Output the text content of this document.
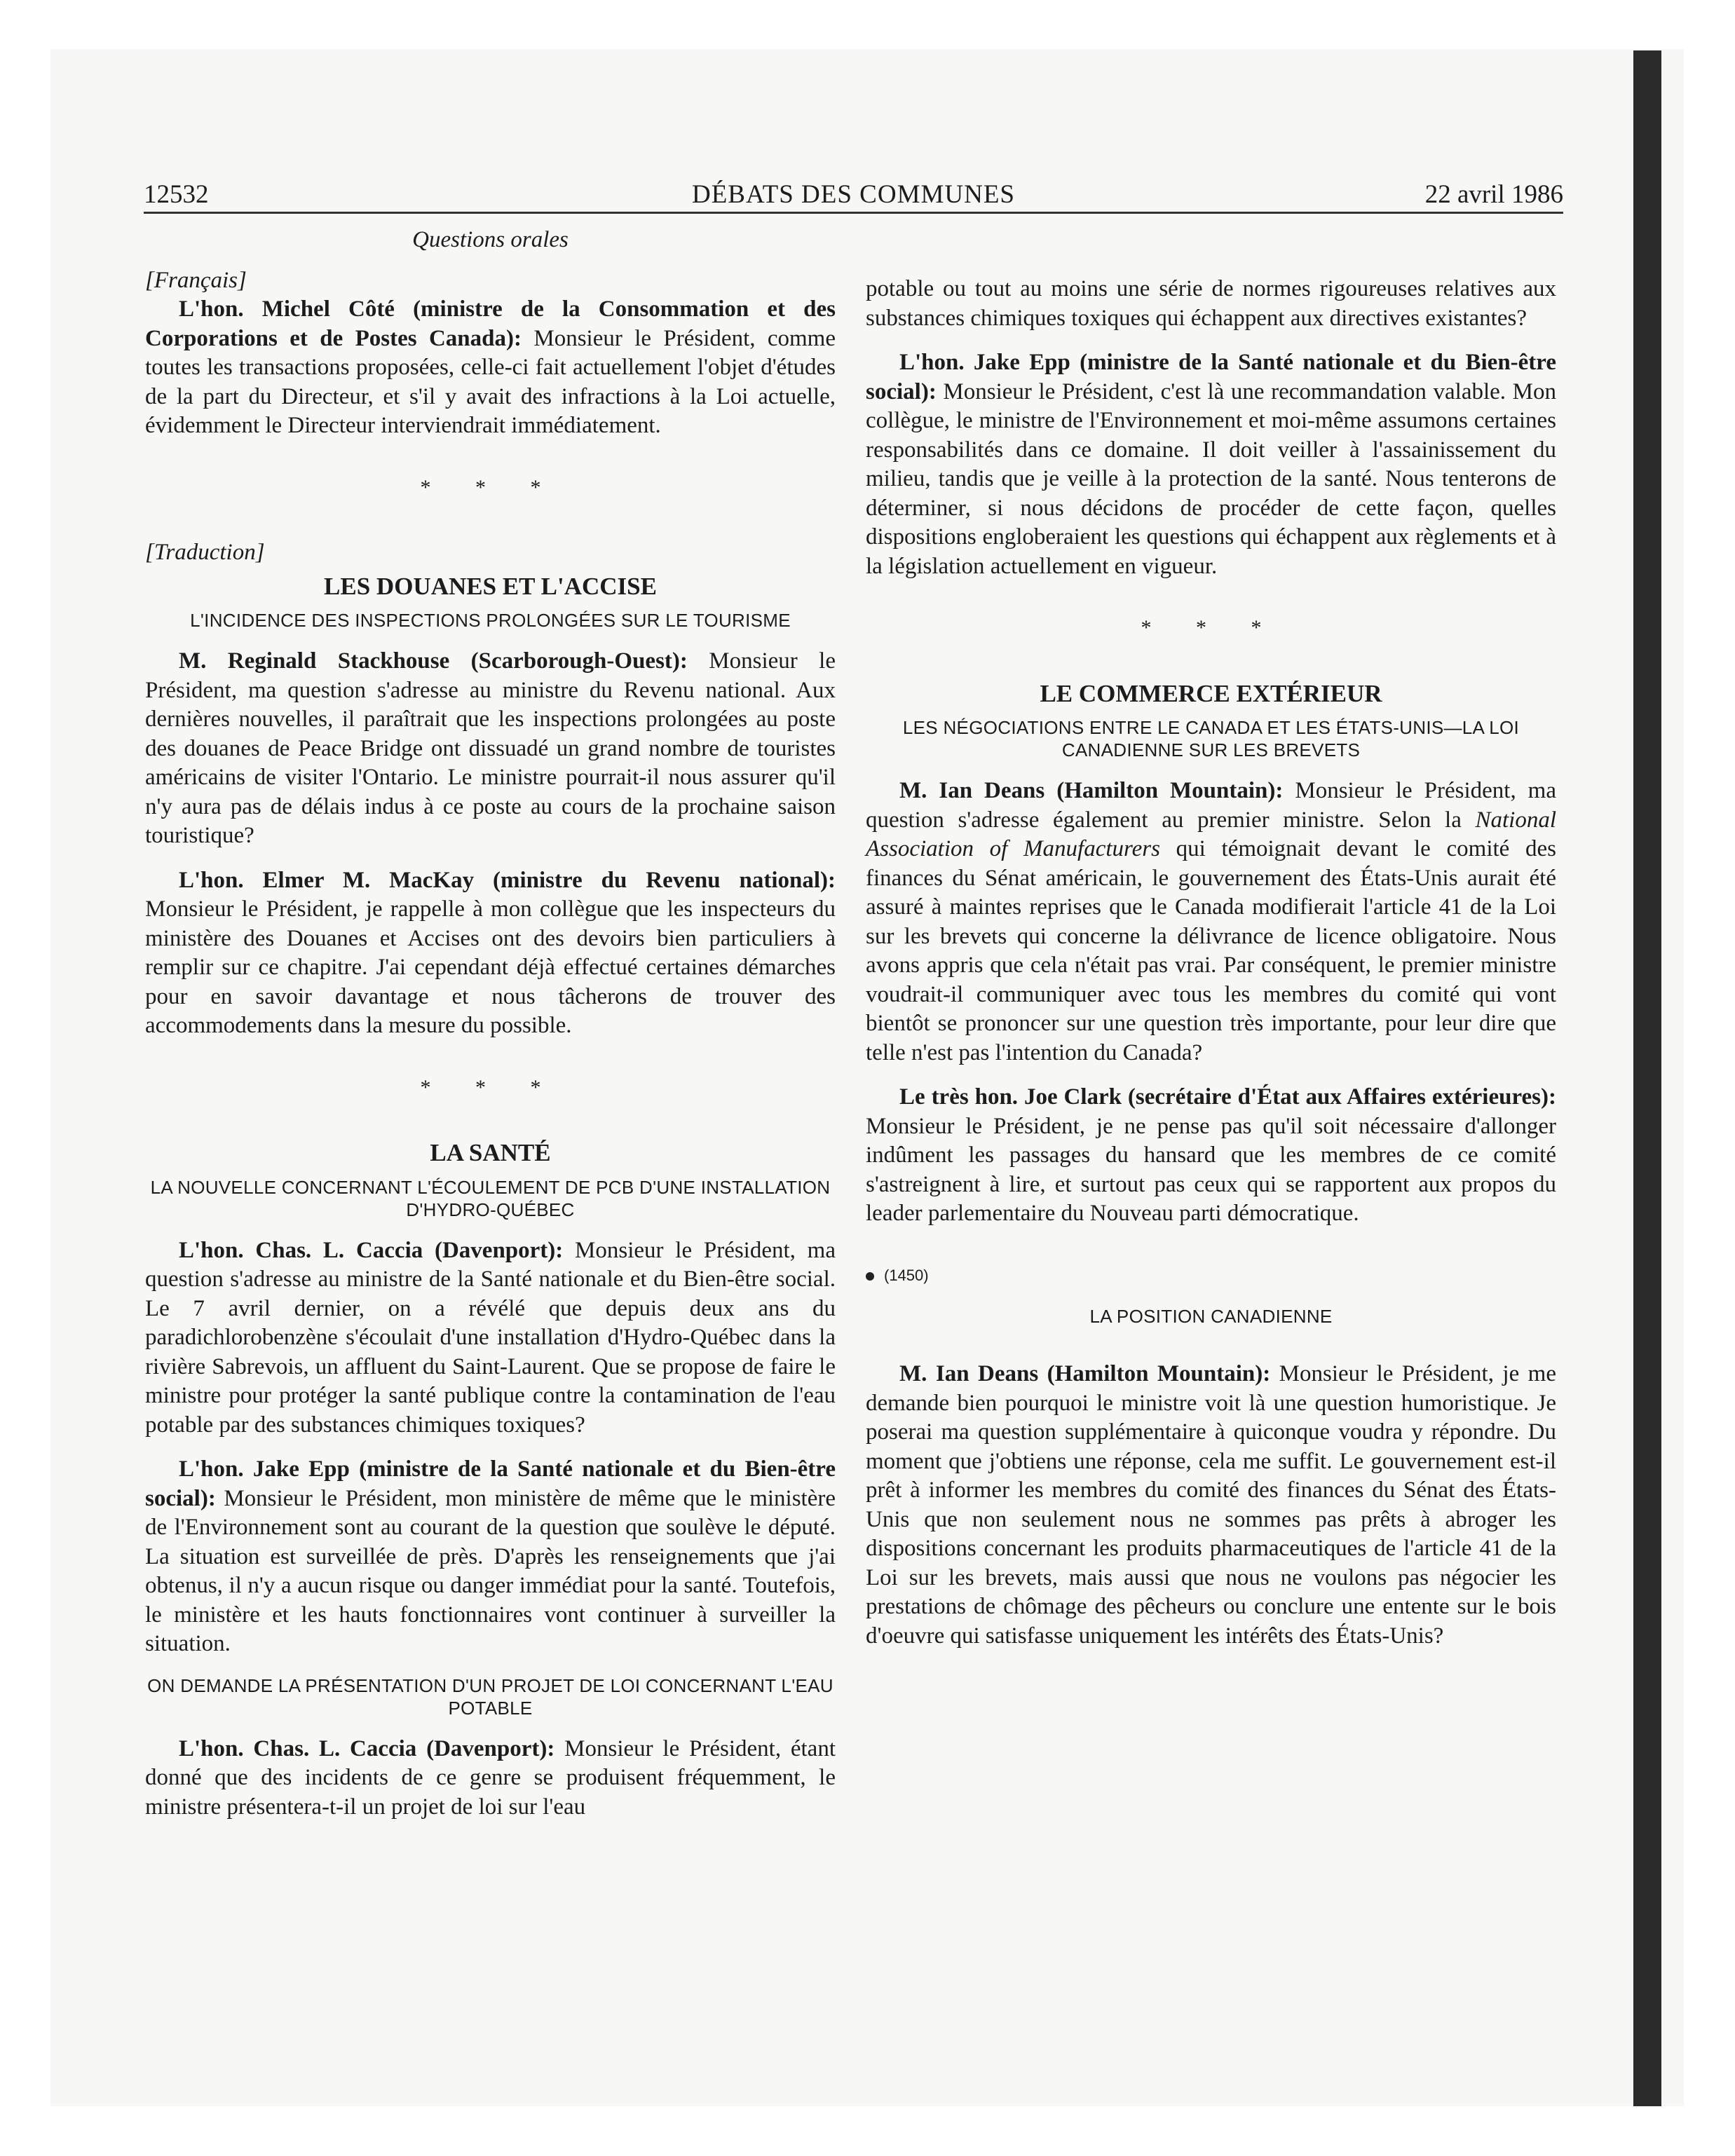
12532	DÉBATS DES COMMUNES	22 avril 1986

Questions orales

[Français]

L'hon. Michel Côté (ministre de la Consommation et des Corporations et de Postes Canada): Monsieur le Président, comme toutes les transactions proposées, celle-ci fait actuellement l'objet d'études de la part du Directeur, et s'il y avait des infractions à la Loi actuelle, évidemment le Directeur interviendrait immédiatement.

* * *

[Traduction]

LES DOUANES ET L'ACCISE

L'INCIDENCE DES INSPECTIONS PROLONGÉES SUR LE TOURISME

M. Reginald Stackhouse (Scarborough-Ouest): Monsieur le Président, ma question s'adresse au ministre du Revenu national. Aux dernières nouvelles, il paraîtrait que les inspections prolongées au poste des douanes de Peace Bridge ont dissuadé un grand nombre de touristes américains de visiter l'Ontario. Le ministre pourrait-il nous assurer qu'il n'y aura pas de délais indus à ce poste au cours de la prochaine saison touristique?

L'hon. Elmer M. MacKay (ministre du Revenu national): Monsieur le Président, je rappelle à mon collègue que les inspecteurs du ministère des Douanes et Accises ont des devoirs bien particuliers à remplir sur ce chapitre. J'ai cependant déjà effectué certaines démarches pour en savoir davantage et nous tâcherons de trouver des accommodements dans la mesure du possible.

* * *

LA SANTÉ

LA NOUVELLE CONCERNANT L'ÉCOULEMENT DE PCB D'UNE INSTALLATION D'HYDRO-QUÉBEC

L'hon. Chas. L. Caccia (Davenport): Monsieur le Président, ma question s'adresse au ministre de la Santé nationale et du Bien-être social. Le 7 avril dernier, on a révélé que depuis deux ans du paradichlorobenzène s'écoulait d'une installation d'Hydro-Québec dans la rivière Sabrevois, un affluent du Saint-Laurent. Que se propose de faire le ministre pour protéger la santé publique contre la contamination de l'eau potable par des substances chimiques toxiques?

L'hon. Jake Epp (ministre de la Santé nationale et du Bien-être social): Monsieur le Président, mon ministère de même que le ministère de l'Environnement sont au courant de la question que soulève le député. La situation est surveillée de près. D'après les renseignements que j'ai obtenus, il n'y a aucun risque ou danger immédiat pour la santé. Toutefois, le ministère et les hauts fonctionnaires vont continuer à surveiller la situation.

ON DEMANDE LA PRÉSENTATION D'UN PROJET DE LOI CONCERNANT L'EAU POTABLE

L'hon. Chas. L. Caccia (Davenport): Monsieur le Président, étant donné que des incidents de ce genre se produisent fréquemment, le ministre présentera-t-il un projet de loi sur l'eau

potable ou tout au moins une série de normes rigoureuses relatives aux substances chimiques toxiques qui échappent aux directives existantes?

L'hon. Jake Epp (ministre de la Santé nationale et du Bien-être social): Monsieur le Président, c'est là une recommandation valable. Mon collègue, le ministre de l'Environnement et moi-même assumons certaines responsabilités dans ce domaine. Il doit veiller à l'assainissement du milieu, tandis que je veille à la protection de la santé. Nous tenterons de déterminer, si nous décidons de procéder de cette façon, quelles dispositions engloberaient les questions qui échappent aux règlements et à la législation actuellement en vigueur.

* * *

LE COMMERCE EXTÉRIEUR

LES NÉGOCIATIONS ENTRE LE CANADA ET LES ÉTATS-UNIS—LA LOI CANADIENNE SUR LES BREVETS

M. Ian Deans (Hamilton Mountain): Monsieur le Président, ma question s'adresse également au premier ministre. Selon la National Association of Manufacturers qui témoignait devant le comité des finances du Sénat américain, le gouvernement des États-Unis aurait été assuré à maintes reprises que le Canada modifierait l'article 41 de la Loi sur les brevets qui concerne la délivrance de licence obligatoire. Nous avons appris que cela n'était pas vrai. Par conséquent, le premier ministre voudrait-il communiquer avec tous les membres du comité qui vont bientôt se prononcer sur une question très importante, pour leur dire que telle n'est pas l'intention du Canada?

Le très hon. Joe Clark (secrétaire d'État aux Affaires extérieures): Monsieur le Président, je ne pense pas qu'il soit nécessaire d'allonger indûment les passages du hansard que les membres de ce comité s'astreignent à lire, et surtout pas ceux qui se rapportent aux propos du leader parlementaire du Nouveau parti démocratique.

(1450)

LA POSITION CANADIENNE

M. Ian Deans (Hamilton Mountain): Monsieur le Président, je me demande bien pourquoi le ministre voit là une question humoristique. Je poserai ma question supplémentaire à quiconque voudra y répondre. Du moment que j'obtiens une réponse, cela me suffit. Le gouvernement est-il prêt à informer les membres du comité des finances du Sénat des États-Unis que non seulement nous ne sommes pas prêts à abroger les dispositions concernant les produits pharmaceutiques de l'article 41 de la Loi sur les brevets, mais aussi que nous ne voulons pas négocier les prestations de chômage des pêcheurs ou conclure une entente sur le bois d'oeuvre qui satisfasse uniquement les intérêts des États-Unis?
